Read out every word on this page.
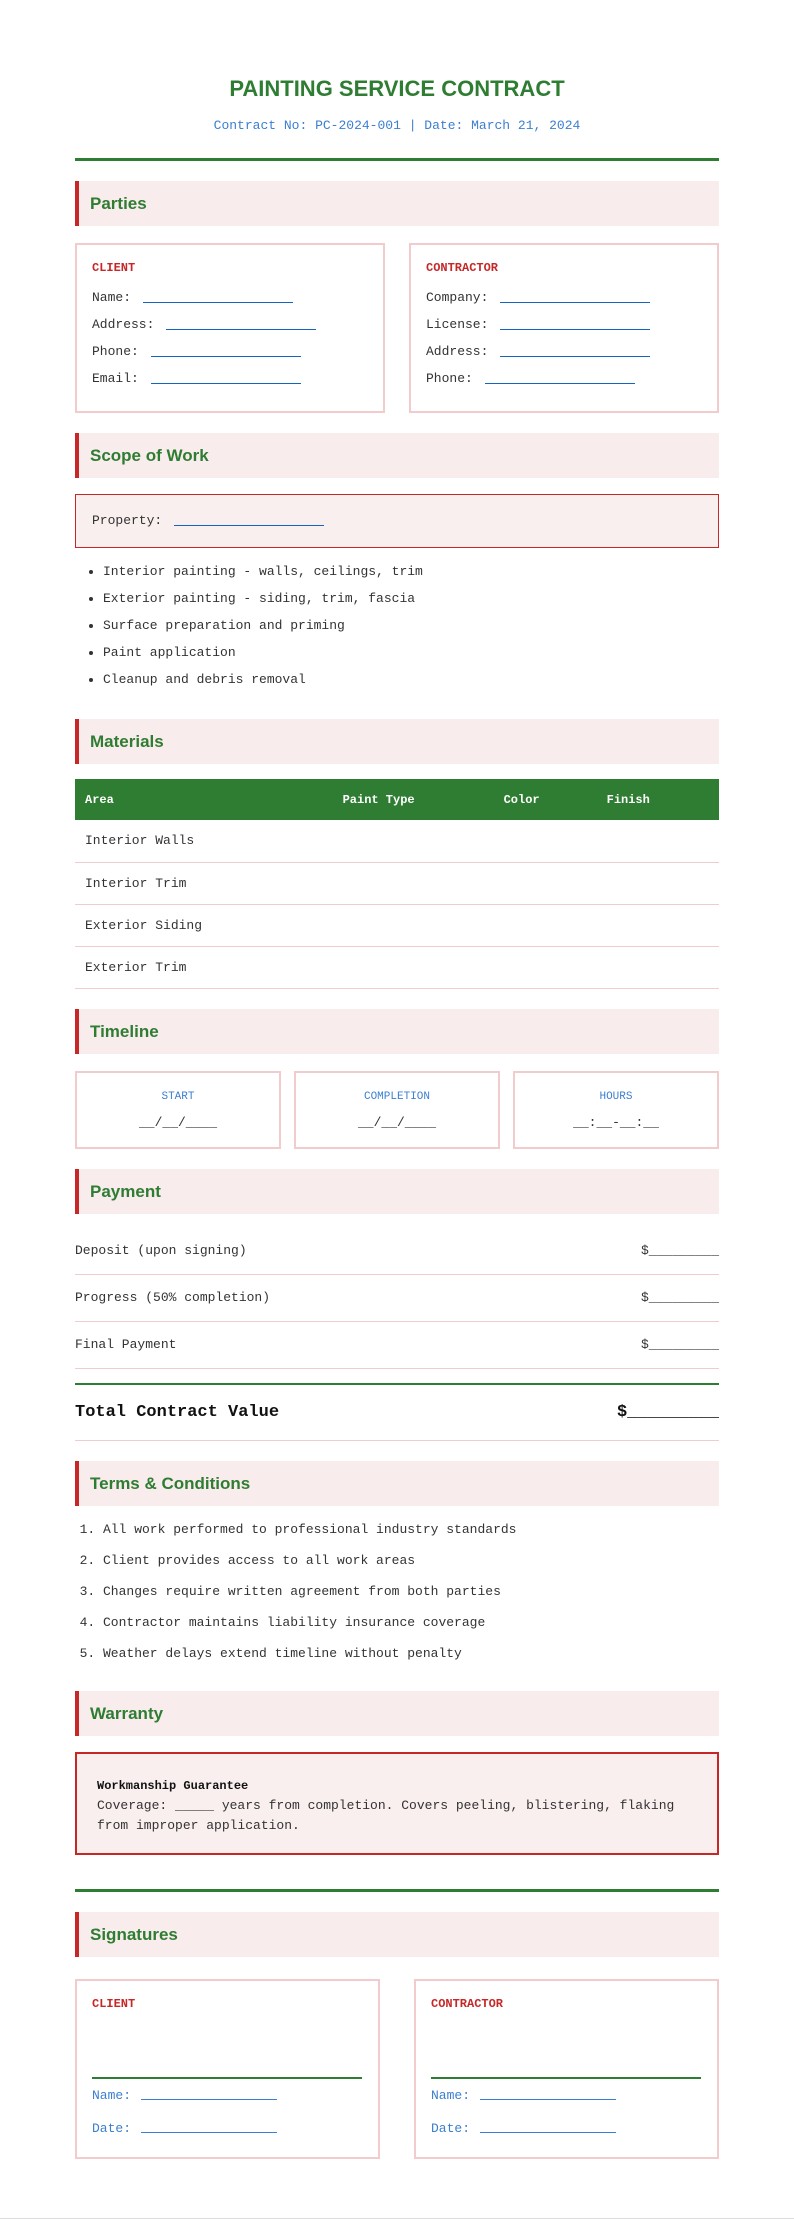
PAINTING SERVICE CONTRACT
Contract No: PC-2024-001 | Date: March 21, 2024
Parties
CLIENT
Name:
Address:
Phone:
Email:
CONTRACTOR
Company:
License:
Address:
Phone:
Scope of Work
Property:
• Interior painting - walls, ceilings, trim
• Exterior painting - siding, trim, fascia
• Surface preparation and priming
• Paint application
• Cleanup and debris removal
Materials
Area	Paint Type	Color	Finish
Interior Walls			
Interior Trim			
Exterior Siding			
Exterior Trim			
Timeline
START
__/__/____
COMPLETION
__/__/____
HOURS
__:__-__:__
Payment
Deposit (upon signing)	$_________
Progress (50% completion)	$_________
Final Payment	$_________
Total Contract Value	$_________
Terms & Conditions
1. All work performed to professional industry standards
2. Client provides access to all work areas
3. Changes require written agreement from both parties
4. Contractor maintains liability insurance coverage
5. Weather delays extend timeline without penalty
Warranty
Workmanship Guarantee
Coverage: _____ years from completion. Covers peeling, blistering, flaking from improper application.
Signatures
CLIENT
Name:
Date:
CONTRACTOR
Name:
Date:
